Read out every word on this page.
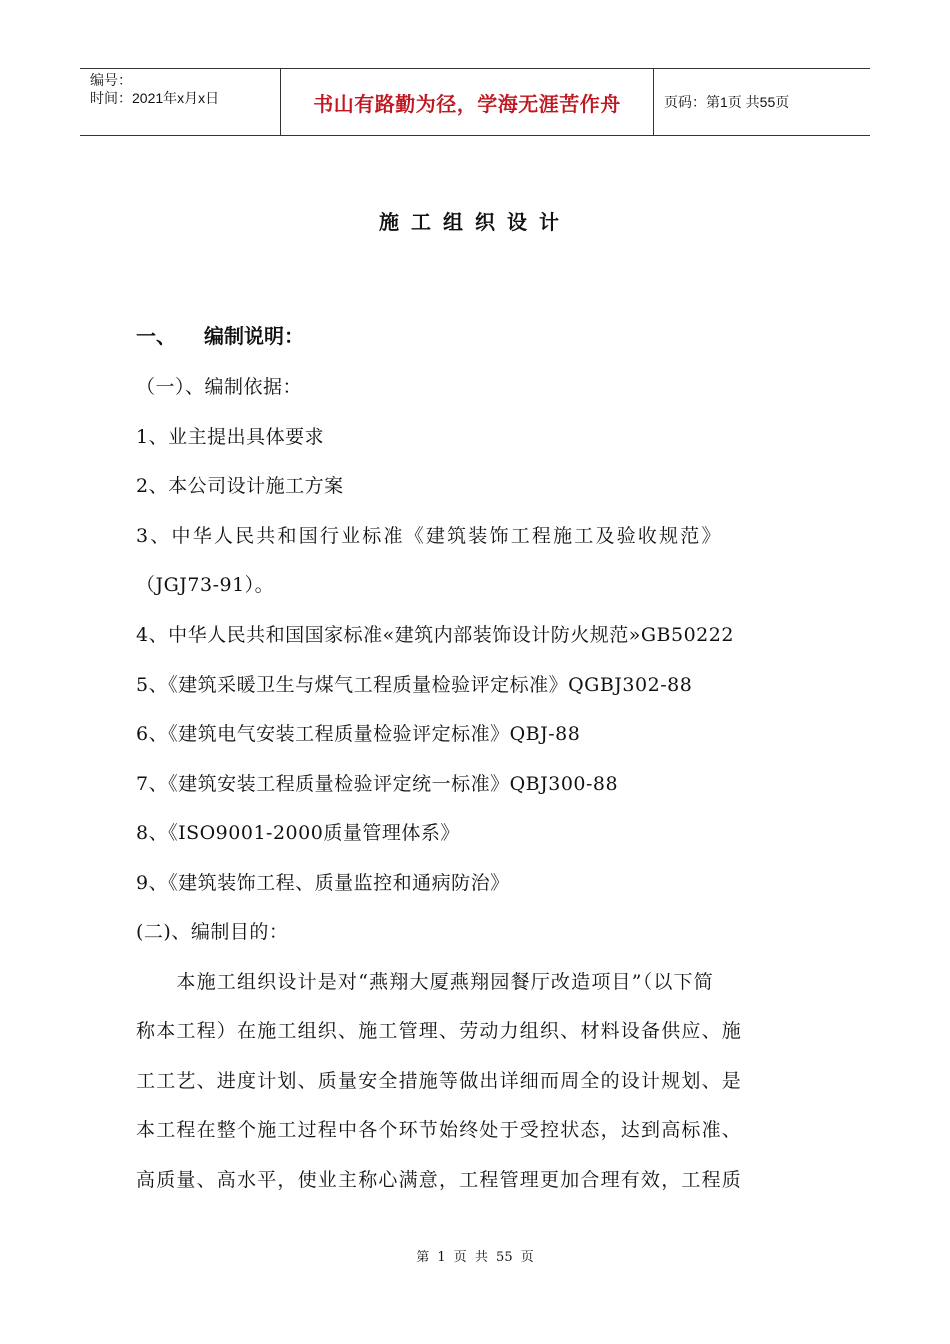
编号：
时间：2021年x月x日	书山有路勤为径，学海无涯苦作舟	页码：第1页 共55页
施工组织设计
一、	编制说明：
（一）、编制依据：
1、业主提出具体要求
2、本公司设计施工方案
3、中华人民共和国行业标准《建筑装饰工程施工及验收规范》
（JGJ73-91）。
4、中华人民共和国国家标准«建筑内部装饰设计防火规范»GB50222
5、《建筑采暖卫生与煤气工程质量检验评定标准》QGBJ302-88
6、《建筑电气安装工程质量检验评定标准》QBJ-88
7、《建筑安装工程质量检验评定统一标准》QBJ300-88
8、《ISO9001-2000质量管理体系》
9、《建筑装饰工程、质量监控和通病防治》
(二)、编制目的：
　　本施工组织设计是对“燕翔大厦燕翔园餐厅改造项目”（以下简
称本工程）在施工组织、施工管理、劳动力组织、材料设备供应、施
工工艺、进度计划、质量安全措施等做出详细而周全的设计规划、是
本工程在整个施工过程中各个环节始终处于受控状态，达到高标准、
高质量、高水平，使业主称心满意，工程管理更加合理有效，工程质
第 1 页 共 55 页
